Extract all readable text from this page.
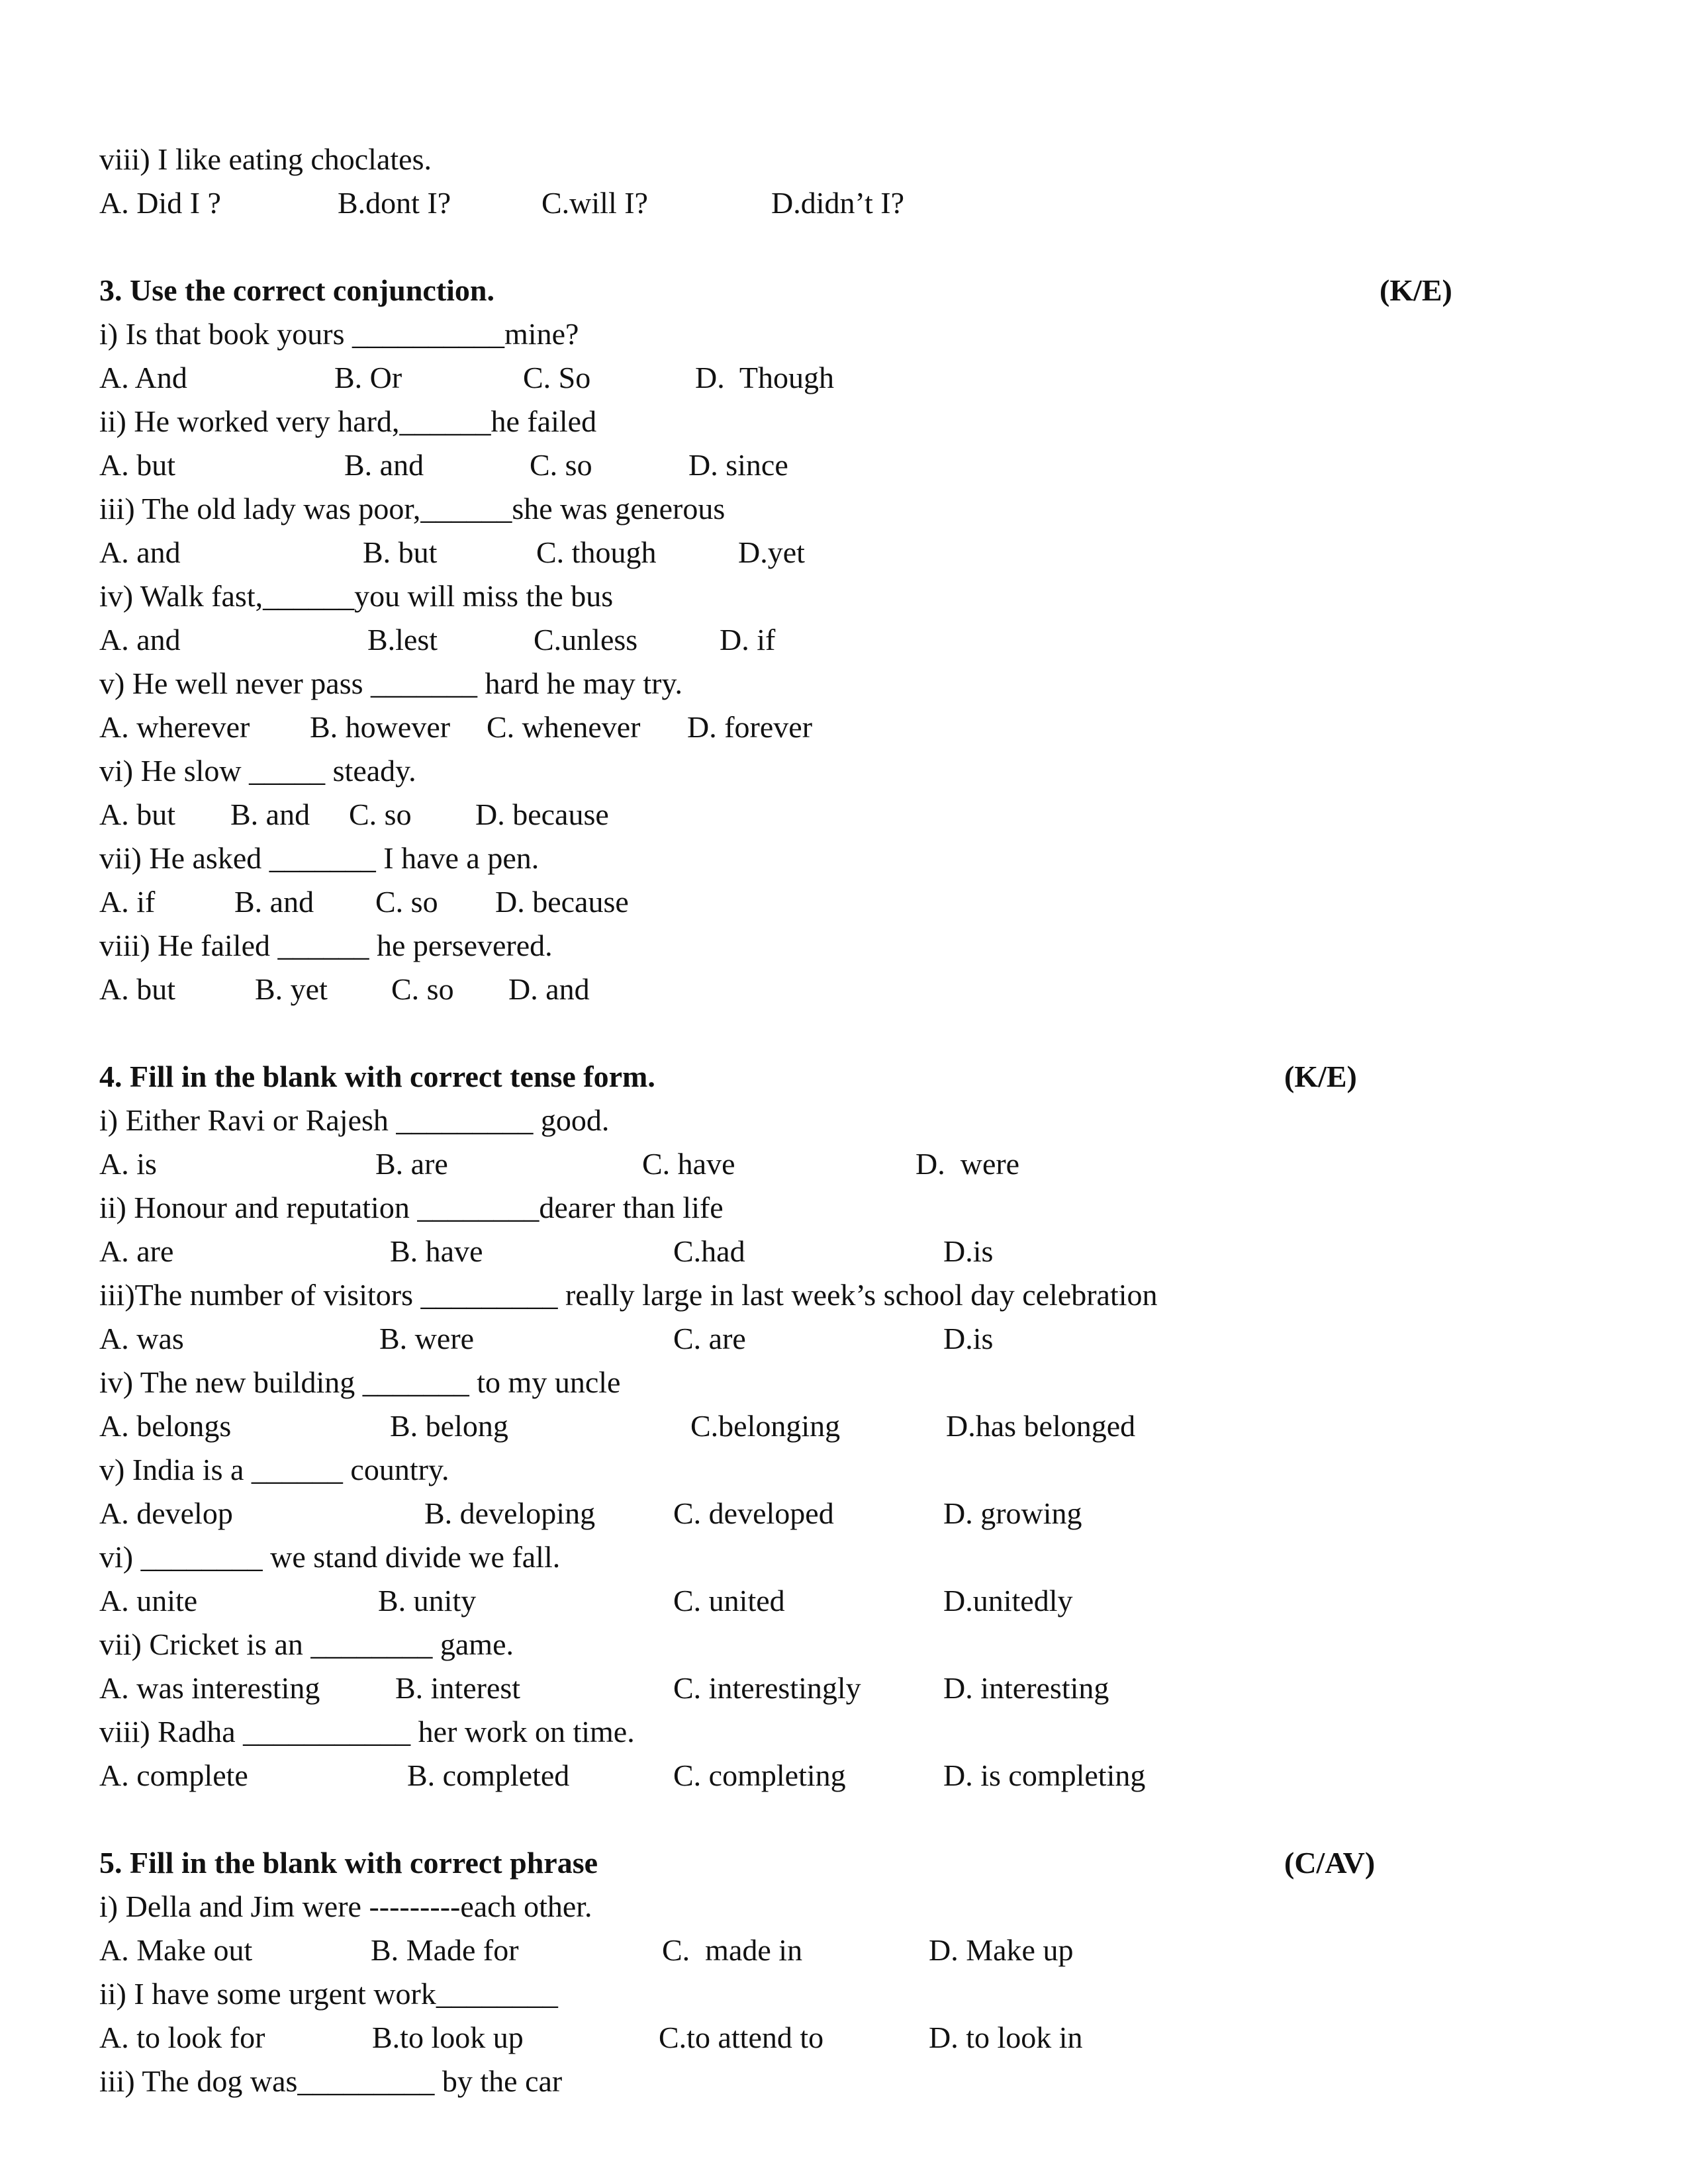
viii) I like eating choclates.
A. Did I ?	B.dont I?	C.will I?	D.didn’t I?
3. Use the correct conjunction.	(K/E)
i) Is that book yours __________mine?
A. And	B. Or	C. So	D.  Though
ii) He worked very hard,______he failed
A. but	B. and	C. so	D. since
iii) The old lady was poor,______she was generous
A. and	B. but	C. though	D.yet
iv) Walk fast,______you will miss the bus
A. and	B.lest	C.unless	D. if
v) He well never pass _______ hard he may try.
A. wherever B. however C. whenever D. forever
vi) He slow _____ steady.
A. but B. and C. so D. because
vii) He asked _______ I have a pen.
A. if	B. and C. so D. because
viii) He failed ______ he persevered.
A. but	B. yet C. so D. and
4. Fill in the blank with correct tense form.	(K/E)
i) Either Ravi or Rajesh _________ good.
A. is	B. are	C. have	D.  were
ii) Honour and reputation ________dearer than life
A. are	B. have	C.had	D.is
iii)The number of visitors _________ really large in last week’s school day celebration
A. was	B. were	C. are	D.is
iv) The new building _______ to my uncle
A. belongs	B. belong	C.belonging	D.has belonged
v) India is a ______ country.
A. develop	B. developing	C. developed	D. growing
vi) ________ we stand divide we fall.
A. unite	B. unity	C. united	D.unitedly
vii) Cricket is an ________ game.
A. was interesting B. interest	C. interestingly	D. interesting
viii) Radha ___________ her work on time.
A. complete	B. completed	C. completing	D. is completing
5. Fill in the blank with correct phrase	(C/AV)
i) Della and Jim were ---------each other.
A. Make out	B. Made for	C.  made in	D. Make up
ii) I have some urgent work________
A. to look for	B.to look up	C.to attend to	D. to look in
iii) The dog was_________ by the car
